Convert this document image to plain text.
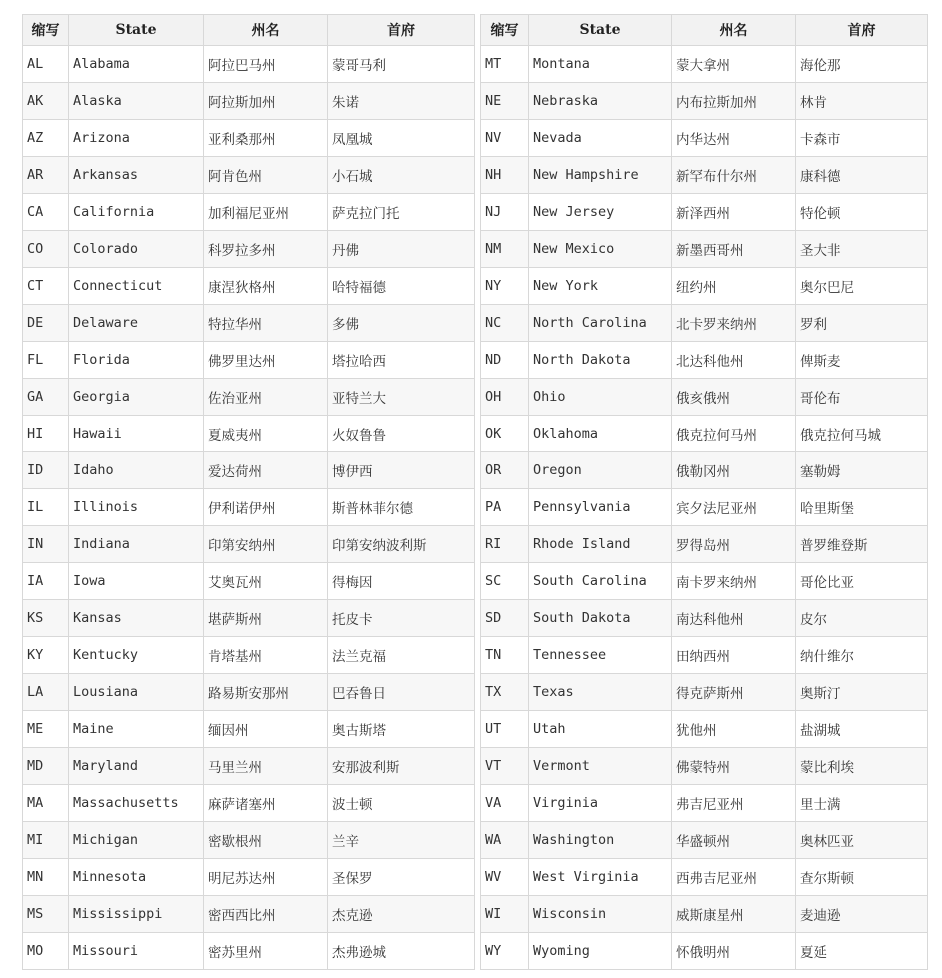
缩写	State	州名	首府
AL	Alabama	阿拉巴马州	蒙哥马利
AK	Alaska	阿拉斯加州	朱诺
AZ	Arizona	亚利桑那州	凤凰城
AR	Arkansas	阿肯色州	小石城
CA	California	加利福尼亚州	萨克拉门托
CO	Colorado	科罗拉多州	丹佛
CT	Connecticut	康涅狄格州	哈特福德
DE	Delaware	特拉华州	多佛
FL	Florida	佛罗里达州	塔拉哈西
GA	Georgia	佐治亚州	亚特兰大
HI	Hawaii	夏威夷州	火奴鲁鲁
ID	Idaho	爱达荷州	博伊西
IL	Illinois	伊利诺伊州	斯普林菲尔德
IN	Indiana	印第安纳州	印第安纳波利斯
IA	Iowa	艾奥瓦州	得梅因
KS	Kansas	堪萨斯州	托皮卡
KY	Kentucky	肯塔基州	法兰克福
LA	Lousiana	路易斯安那州	巴吞鲁日
ME	Maine	缅因州	奥古斯塔
MD	Maryland	马里兰州	安那波利斯
MA	Massachusetts	麻萨诸塞州	波士顿
MI	Michigan	密歇根州	兰辛
MN	Minnesota	明尼苏达州	圣保罗
MS	Mississippi	密西西比州	杰克逊
MO	Missouri	密苏里州	杰弗逊城
缩写	State	州名	首府
MT	Montana	蒙大拿州	海伦那
NE	Nebraska	内布拉斯加州	林肯
NV	Nevada	内华达州	卡森市
NH	New Hampshire	新罕布什尔州	康科德
NJ	New Jersey	新泽西州	特伦顿
NM	New Mexico	新墨西哥州	圣大非
NY	New York	纽约州	奥尔巴尼
NC	North Carolina	北卡罗来纳州	罗利
ND	North Dakota	北达科他州	俾斯麦
OH	Ohio	俄亥俄州	哥伦布
OK	Oklahoma	俄克拉何马州	俄克拉何马城
OR	Oregon	俄勒冈州	塞勒姆
PA	Pennsylvania	宾夕法尼亚州	哈里斯堡
RI	Rhode Island	罗得岛州	普罗维登斯
SC	South Carolina	南卡罗来纳州	哥伦比亚
SD	South Dakota	南达科他州	皮尔
TN	Tennessee	田纳西州	纳什维尔
TX	Texas	得克萨斯州	奥斯汀
UT	Utah	犹他州	盐湖城
VT	Vermont	佛蒙特州	蒙比利埃
VA	Virginia	弗吉尼亚州	里士满
WA	Washington	华盛顿州	奥林匹亚
WV	West Virginia	西弗吉尼亚州	查尔斯顿
WI	Wisconsin	威斯康星州	麦迪逊
WY	Wyoming	怀俄明州	夏延
